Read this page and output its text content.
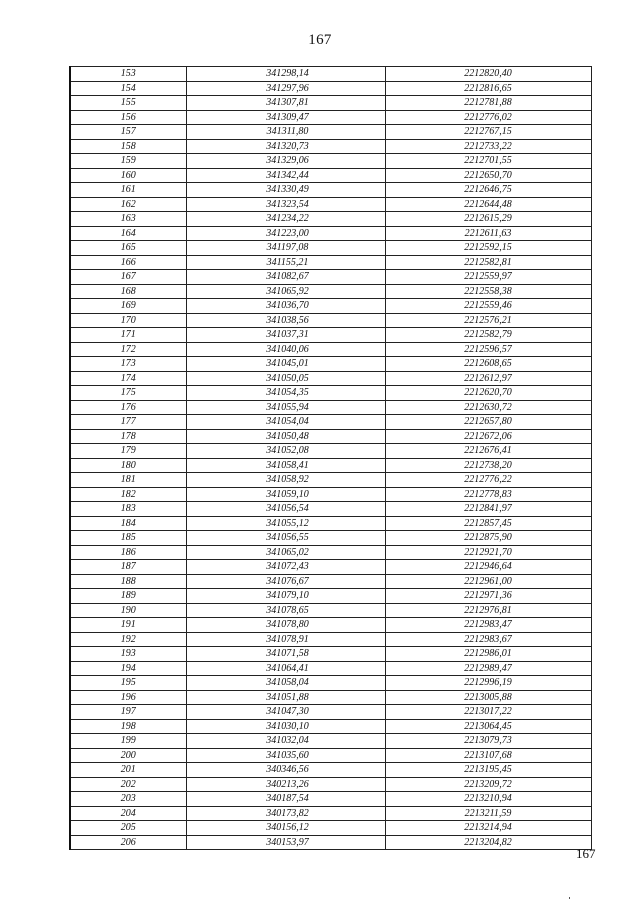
167
153	341298,14	2212820,40
154	341297,96	2212816,65
155	341307,81	2212781,88
156	341309,47	2212776,02
157	341311,80	2212767,15
158	341320,73	2212733,22
159	341329,06	2212701,55
160	341342,44	2212650,70
161	341330,49	2212646,75
162	341323,54	2212644,48
163	341234,22	2212615,29
164	341223,00	2212611,63
165	341197,08	2212592,15
166	341155,21	2212582,81
167	341082,67	2212559,97
168	341065,92	2212558,38
169	341036,70	2212559,46
170	341038,56	2212576,21
171	341037,31	2212582,79
172	341040,06	2212596,57
173	341045,01	2212608,65
174	341050,05	2212612,97
175	341054,35	2212620,70
176	341055,94	2212630,72
177	341054,04	2212657,80
178	341050,48	2212672,06
179	341052,08	2212676,41
180	341058,41	2212738,20
181	341058,92	2212776,22
182	341059,10	2212778,83
183	341056,54	2212841,97
184	341055,12	2212857,45
185	341056,55	2212875,90
186	341065,02	2212921,70
187	341072,43	2212946,64
188	341076,67	2212961,00
189	341079,10	2212971,36
190	341078,65	2212976,81
191	341078,80	2212983,47
192	341078,91	2212983,67
193	341071,58	2212986,01
194	341064,41	2212989,47
195	341058,04	2212996,19
196	341051,88	2213005,88
197	341047,30	2213017,22
198	341030,10	2213064,45
199	341032,04	2213079,73
200	341035,60	2213107,68
201	340346,56	2213195,45
202	340213,26	2213209,72
203	340187,54	2213210,94
204	340173,82	2213211,59
205	340156,12	2213214,94
206	340153,97	2213204,82
167
